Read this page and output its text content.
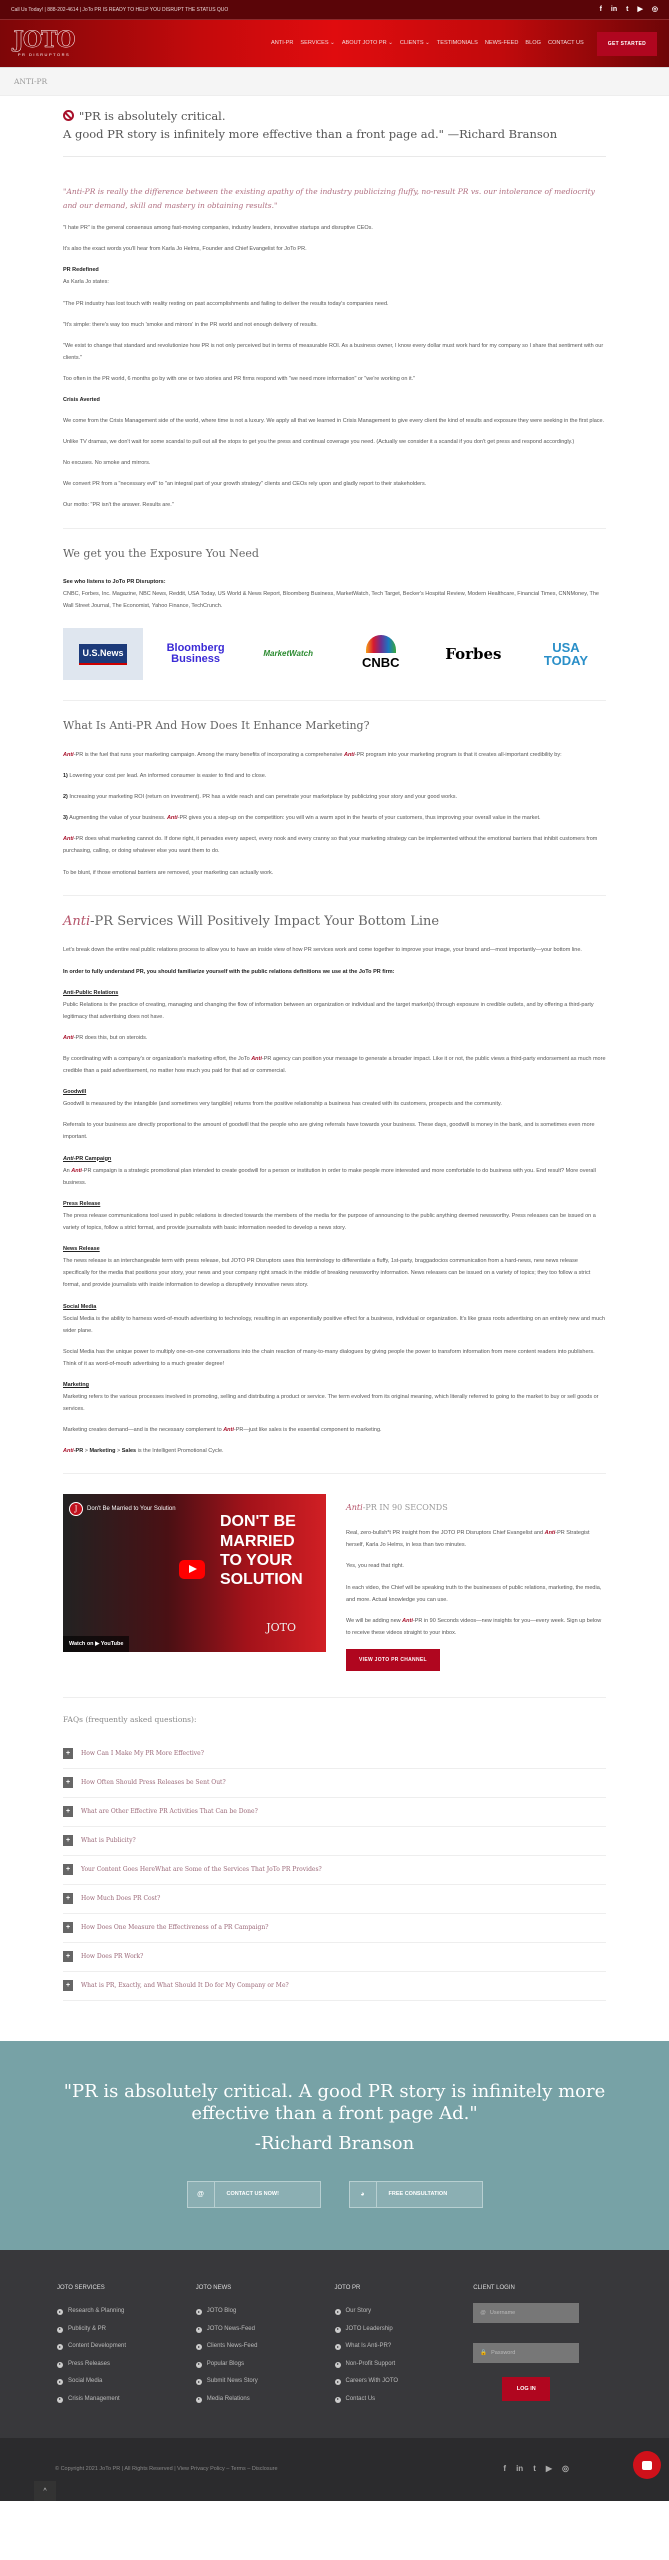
Call Us Today! | 888-202-4614 | JoTo PR IS READY TO HELP YOU DISRUPT THE STATUS QUO	f in t ▶ ◎
JOTO
PR DISRUPTORS
ANTI-PR SERVICES ⌄ ABOUT JOTO PR ⌄ CLIENTS ⌄ TESTIMONIALS NEWS-FEED BLOG CONTACT US	GET STARTED
ANTI-PR
"PR is absolutely critical.
A good PR story is infinitely more effective than a front page ad." —Richard Branson
"Anti-PR is really the difference between the existing apathy of the industry publicizing fluffy, no-result PR vs. our intolerance of mediocrity and our demand, skill and mastery in obtaining results."

"I hate PR" is the general consensus among fast-moving companies, industry leaders, innovative startups and disruptive CEOs.

It's also the exact words you'll hear from Karla Jo Helms, Founder and Chief Evangelist for JoTo PR.

PR Redefined
As Karla Jo states:

"The PR industry has lost touch with reality resting on past accomplishments and failing to deliver the results today's companies need.

"It's simple: there's way too much 'smoke and mirrors' in the PR world and not enough delivery of results.

"We exist to change that standard and revolutionize how PR is not only perceived but in terms of measurable ROI. As a business owner, I know every dollar must work hard for my company so I share that sentiment with our clients."

Too often in the PR world, 6 months go by with one or two stories and PR firms respond with "we need more information" or "we're working on it."

Crisis Averted

We come from the Crisis Management side of the world, where time is not a luxury. We apply all that we learned in Crisis Management to give every client the kind of results and exposure they were seeking in the first place.

Unlike TV dramas, we don't wait for some scandal to pull out all the stops to get you the press and continual coverage you need. (Actually we consider it a scandal if you don't get press and respond accordingly.)

No excuses. No smoke and mirrors.

We convert PR from a "necessary evil" to "an integral part of your growth strategy" clients and CEOs rely upon and gladly report to their stakeholders.

Our motto: "PR isn't the answer. Results are."

We get you the Exposure You Need

See who listens to JoTo PR Disruptors:
CNBC, Forbes, Inc. Magazine, NBC News, Reddit, USA Today, US World & News Report, Bloomberg Business, MarketWatch, Tech Target, Becker's Hospital Review, Modern Healthcare, Financial Times, CNNMoney, The Wall Street Journal, The Economist, Yahoo Finance, TechCrunch.

U.S.News	Bloomberg Business	MarketWatch
CNBC	Forbes	USA TODAY
What Is Anti-PR And How Does It Enhance Marketing?

Anti-PR is the fuel that runs your marketing campaign. Among the many benefits of incorporating a comprehensive Anti-PR program into your marketing program is that it creates all-important credibility by:

1) Lowering your cost per lead. An informed consumer is easier to find and to close.

2) Increasing your marketing ROI (return on investment). PR has a wide reach and can penetrate your marketplace by publicizing your story and your good works.

3) Augmenting the value of your business. Anti-PR gives you a step-up on the competition: you will win a warm spot in the hearts of your customers, thus improving your overall value in the market.

Anti-PR does what marketing cannot do. If done right, it pervades every aspect, every nook and every cranny so that your marketing strategy can be implemented without the emotional barriers that inhibit customers from purchasing, calling, or doing whatever else you want them to do.

To be blunt, if those emotional barriers are removed, your marketing can actually work.

Anti-PR Services Will Positively Impact Your Bottom Line

Let's break down the entire real public relations process to allow you to have an inside view of how PR services work and come together to improve your image, your brand and—most importantly—your bottom line.

In order to fully understand PR, you should familiarize yourself with the public relations definitions we use at the JoTo PR firm:

Anti-Public Relations
Public Relations is the practice of creating, managing and changing the flow of information between an organization or individual and the target market(s) through exposure in credible outlets, and by offering a third-party legitimacy that advertising does not have.

Anti-PR does this, but on steroids.

By coordinating with a company's or organization's marketing effort, the JoTo Anti-PR agency can position your message to generate a broader impact. Like it or not, the public views a third-party endorsement as much more credible than a paid advertisement, no matter how much you paid for that ad or commercial.

Goodwill
Goodwill is measured by the intangible (and sometimes very tangible) returns from the positive relationship a business has created with its customers, prospects and the community.

Referrals to your business are directly proportional to the amount of goodwill that the people who are giving referrals have towards your business. These days, goodwill is money in the bank, and is sometimes even more important.

Anti-PR Campaign
An Anti-PR campaign is a strategic promotional plan intended to create goodwill for a person or institution in order to make people more interested and more comfortable to do business with you. End result? More overall business.

Press Release
The press release communications tool used in public relations is directed towards the members of the media for the purpose of announcing to the public anything deemed newsworthy. Press releases can be issued on a variety of topics, follow a strict format, and provide journalists with basic information needed to develop a news story.

News Release
The news release is an interchangeable term with press release, but JOTO PR Disruptors uses this terminology to differentiate a fluffy, 1st-party, braggadocios communication from a hard-news, new news release specifically for the media that positions your story, your news and your company right smack in the middle of breaking newsworthy information. News releases can be issued on a variety of topics; they too follow a strict format, and provide journalists with inside information to develop a disruptively innovative news story.

Social Media
Social Media is the ability to harness word-of-mouth advertising to technology, resulting in an exponentially positive effect for a business, individual or organization. It's like grass roots advertising on an entirely new and much wider plane.

Social Media has the unique power to multiply one-on-one conversations into the chain reaction of many-to-many dialogues by giving people the power to transform information from mere content readers into publishers. Think of it as word-of-mouth advertising to a much greater degree!

Marketing
Marketing refers to the various processes involved in promoting, selling and distributing a product or service. The term evolved from its original meaning, which literally referred to going to the market to buy or sell goods or services.

Marketing creates demand—and is the necessary complement to Anti-PR—just like sales is the essential component to marketing.

Anti-PR > Marketing > Sales is the Intelligent Promotional Cycle.

J	Don't Be Married to Your Solution
DON'T BE MARRIED TO YOUR SOLUTION
JOTO
Watch on ▶ YouTube
Anti-PR IN 90 SECONDS

Real, zero-bullsh*t PR insight from the JOTO PR Disruptors Chief Evangelist and Anti-PR Strategist herself, Karla Jo Helms, in less than two minutes.

Yes, you read that right.

In each video, the Chief will be speaking truth to the businesses of public relations, marketing, the media, and more. Actual knowledge you can use.

We will be adding new Anti-PR in 90 Seconds videos—new insights for you—every week. Sign up below to receive these videos straight to your inbox.

VIEW JOTO PR CHANNEL
FAQs (frequently asked questions):
+	How Can I Make My PR More Effective?
+	How Often Should Press Releases be Sent Out?
+	What are Other Effective PR Activities That Can be Done?
+	What is Publicity?
+	Your Content Goes HereWhat are Some of the Services That JoTo PR Provides?
+	How Much Does PR Cost?
+	How Does One Measure the Effectiveness of a PR Campaign?
+	How Does PR Work?
+	What is PR, Exactly, and What Should It Do for My Company or Me?
"PR is absolutely critical. A good PR story is infinitely more effective than a front page Ad."
-Richard Branson
@	CONTACT US NOW!	◕	FREE CONSULTATION
JOTO SERVICES
Research & Planning
Publicity & PR
Content Development
Press Releases
Social Media
Crisis Management
JOTO NEWS
JOTO Blog
JOTO News-Feed
Clients News-Feed
Popular Blogs
Submit News Story
Media Relations
JOTO PR
Our Story
JOTO Leadership
What Is Anti-PR?
Non-Profit Support
Careers With JOTO
Contact Us
CLIENT LOGIN
@ Username
🔒 Password
LOG IN
© Copyright 2021 JoTo PR | All Rights Reserved | View Privacy Policy – Terms – Disclosure	f in t ▶ ◎
^
